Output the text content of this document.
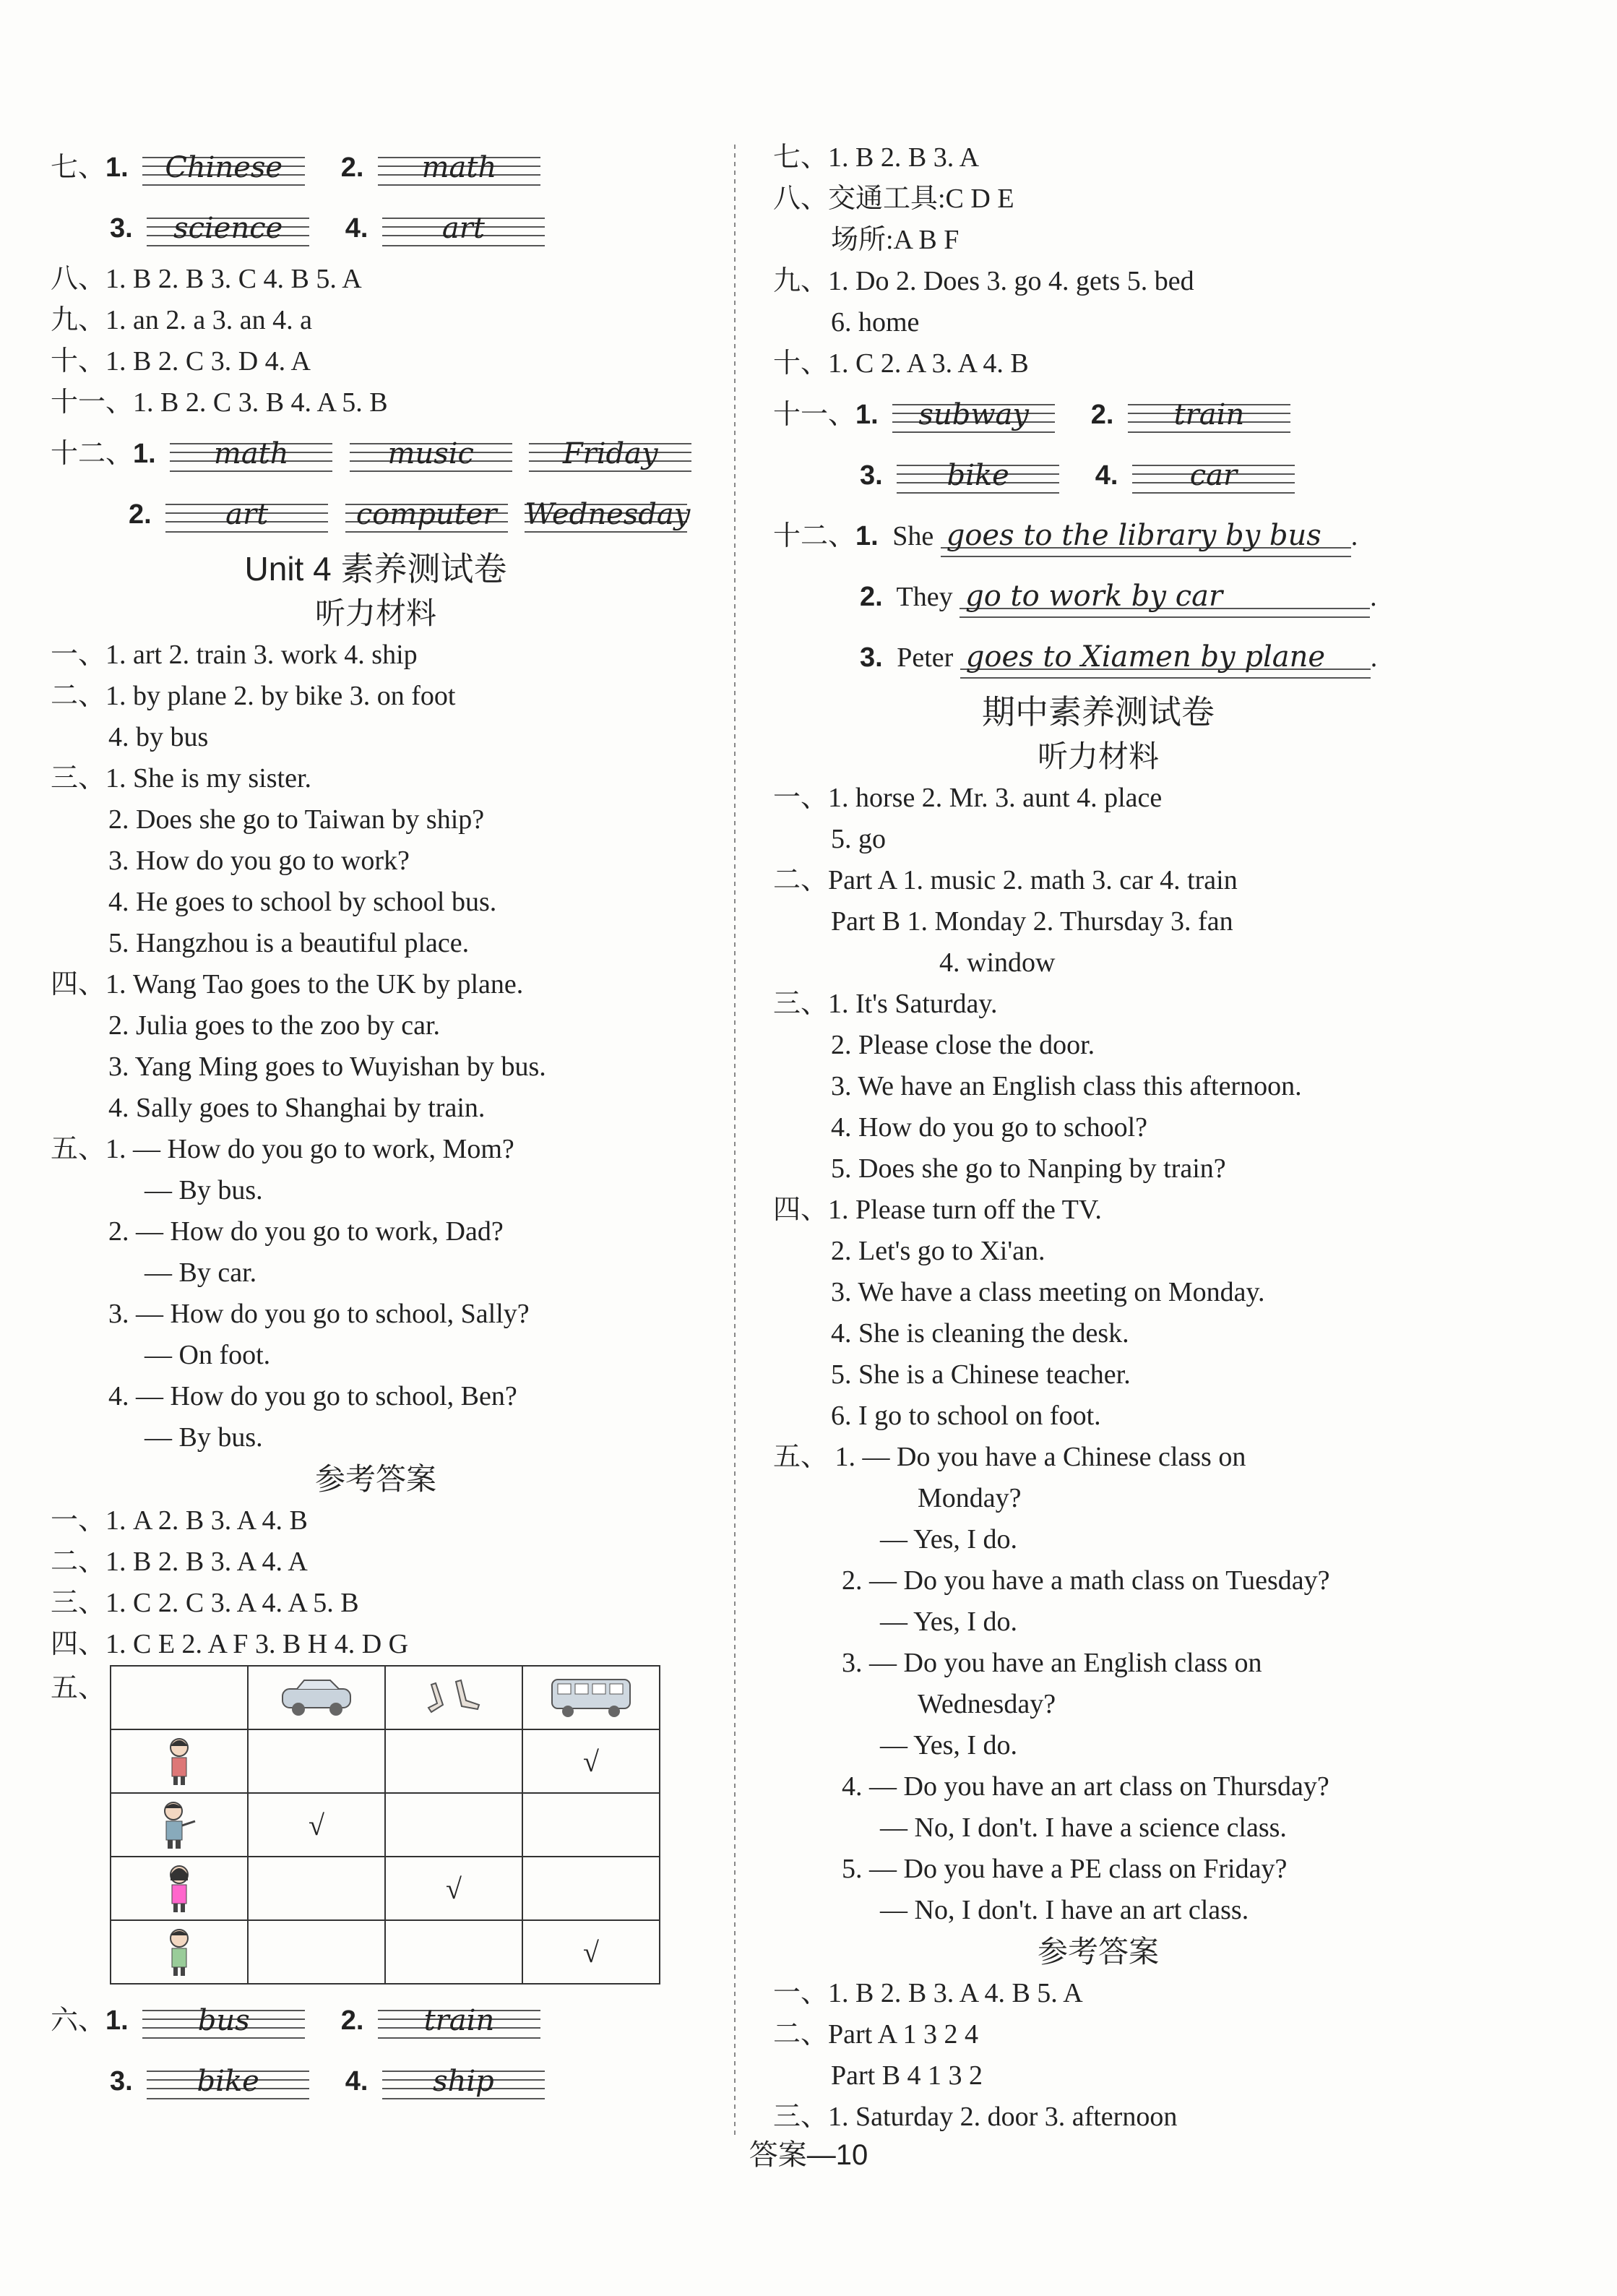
七、1. Chinese 2. math
3. science 4.	art
八、1. B 2. B 3. C 4. B 5. A
九、1. an 2. a 3. an 4. a
十、1. B 2. C 3. D 4. A
十一、1. B 2. C 3. B 4. A 5. B
十二、1. math	music	Friday
2.	art	computer Wednesday
Unit 4 素养测试卷
听力材料
一、1. art 2. train 3. work 4. ship
二、1. by plane 2. by bike 3. on foot
4. by bus
三、1. She is my sister.
2. Does she go to Taiwan by ship?
3. How do you go to work?
4. He goes to school by school bus.
5. Hangzhou is a beautiful place.
四、1. Wang Tao goes to the UK by plane.
2. Julia goes to the zoo by car.
3. Yang Ming goes to Wuyishan by bus.
4. Sally goes to Shanghai by train.
五、1. — How do you go to work, Mom?
— By bus.
2. — How do you go to work, Dad?
— By car.
3. — How do you go to school, Sally?
— On foot.
4. — How do you go to school, Ben?
— By bus.
参考答案
一、1. A 2. B 3. A 4. B
二、1. B 2. B 3. A 4. A
三、1. C 2. C 3. A 4. A 5. B
四、1. C E 2. A F 3. B H 4. D G
五、

			√

	√		

		√	

			√
六、1. bus	2. train
3. bike	4. ship
七、1. B 2. B 3. A
八、交通工具:C D E
场所:A B F
九、1. Do 2. Does 3. go 4. gets 5. bed
6. home
十、1. C 2. A 3. A 4. B
十一、1. subway 2. train
3. bike	4. car
十二、1. She goes to the library by bus .
2. They go to work by car	.
3. Peter goes to Xiamen by plane .
期中素养测试卷
听力材料
一、1. horse 2. Mr. 3. aunt 4. place
5. go
二、Part A 1. music 2. math 3. car 4. train
Part B 1. Monday 2. Thursday 3. fan
4. window
三、1. It's Saturday.
2. Please close the door.
3. We have an English class this afternoon.
4. How do you go to school?
5. Does she go to Nanping by train?
四、1. Please turn off the TV.
2. Let's go to Xi'an.
3. We have a class meeting on Monday.
4. She is cleaning the desk.
5. She is a Chinese teacher.
6. I go to school on foot.
五、 1. — Do you have a Chinese class on
Monday?
— Yes, I do.
2. — Do you have a math class on Tuesday?
— Yes, I do.
3. — Do you have an English class on
Wednesday?
— Yes, I do.
4. — Do you have an art class on Thursday?
— No, I don't. I have a science class.
5. — Do you have a PE class on Friday?
— No, I don't. I have an art class.
参考答案
一、1. B 2. B 3. A 4. B 5. A
二、Part A 1 3 2 4
Part B 4 1 3 2
三、1. Saturday 2. door 3. afternoon
答案—10
